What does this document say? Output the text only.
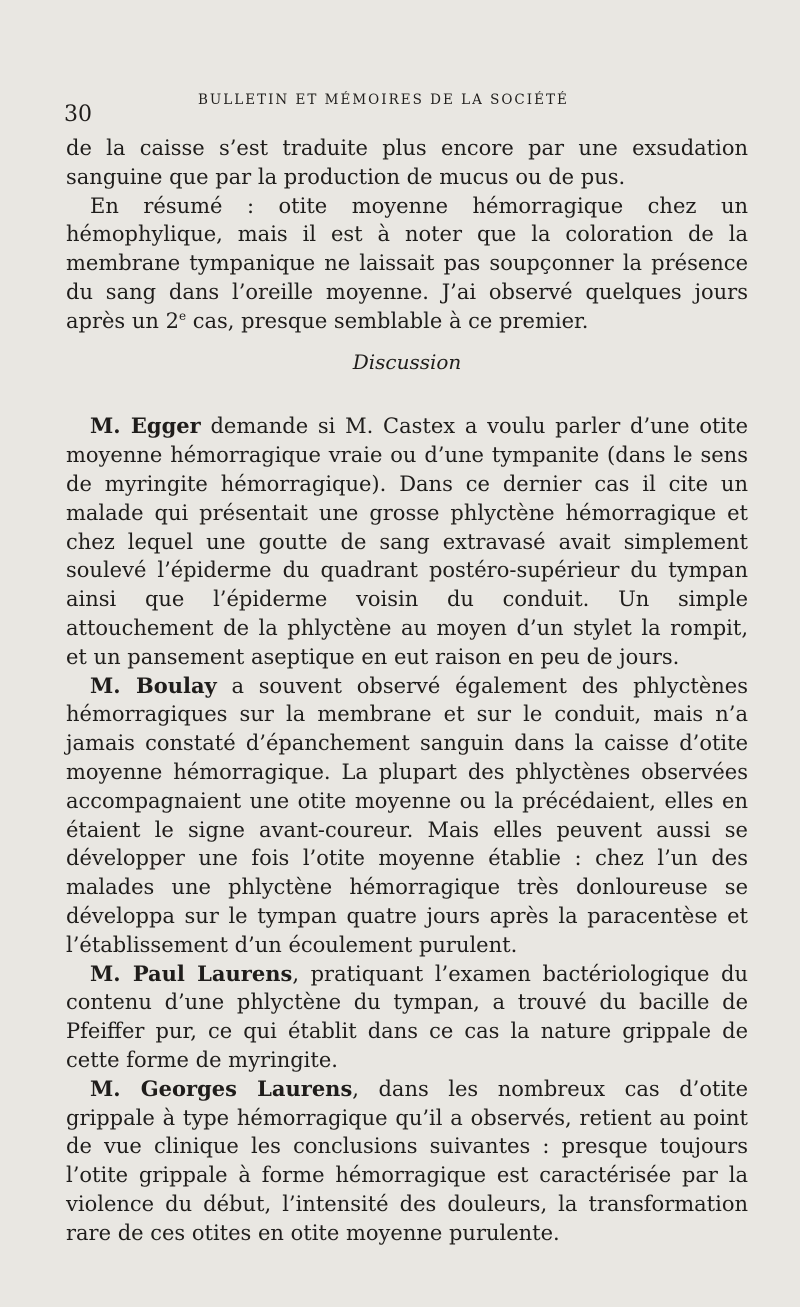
30
BULLETIN ET MÉMOIRES DE LA SOCIÉTÉ

de la caisse s’est traduite plus encore par une exsudation sanguine que par la production de mucus ou de pus.

En résumé : otite moyenne hémorragique chez un hémophylique, mais il est à noter que la coloration de la membrane tympanique ne laissait pas soupçonner la présence du sang dans l’oreille moyenne. J’ai observé quelques jours après un 2e cas, presque semblable à ce premier.

Discussion

M. Egger demande si M. Castex a voulu parler d’une otite moyenne hémorragique vraie ou d’une tympanite (dans le sens de myringite hémorragique). Dans ce dernier cas il cite un malade qui présentait une grosse phlyctène hémorragique et chez lequel une goutte de sang extravasé avait simplement soulevé l’épiderme du quadrant postéro-supérieur du tympan ainsi que l’épiderme voisin du conduit. Un simple attouchement de la phlyctène au moyen d’un stylet la rompit, et un pansement aseptique en eut raison en peu de jours.

M. Boulay a souvent observé également des phlyctènes hémorragiques sur la membrane et sur le conduit, mais n’a jamais constaté d’épanchement sanguin dans la caisse d’otite moyenne hémorragique. La plupart des phlyctènes observées accompagnaient une otite moyenne ou la précédaient, elles en étaient le signe avant-coureur. Mais elles peuvent aussi se développer une fois l’otite moyenne établie : chez l’un des malades une phlyctène hémorragique très donloureuse se développa sur le tympan quatre jours après la paracentèse et l’établissement d’un écoulement purulent.

M. Paul Laurens, pratiquant l’examen bactériologique du contenu d’une phlyctène du tympan, a trouvé du bacille de Pfeiffer pur, ce qui établit dans ce cas la nature grippale de cette forme de myringite.

M. Georges Laurens, dans les nombreux cas d’otite grippale à type hémorragique qu’il a observés, retient au point de vue clinique les conclusions suivantes : presque toujours l’otite grippale à forme hémorragique est caractérisée par la violence du début, l’intensité des douleurs, la transformation rare de ces otites en otite moyenne purulente.
